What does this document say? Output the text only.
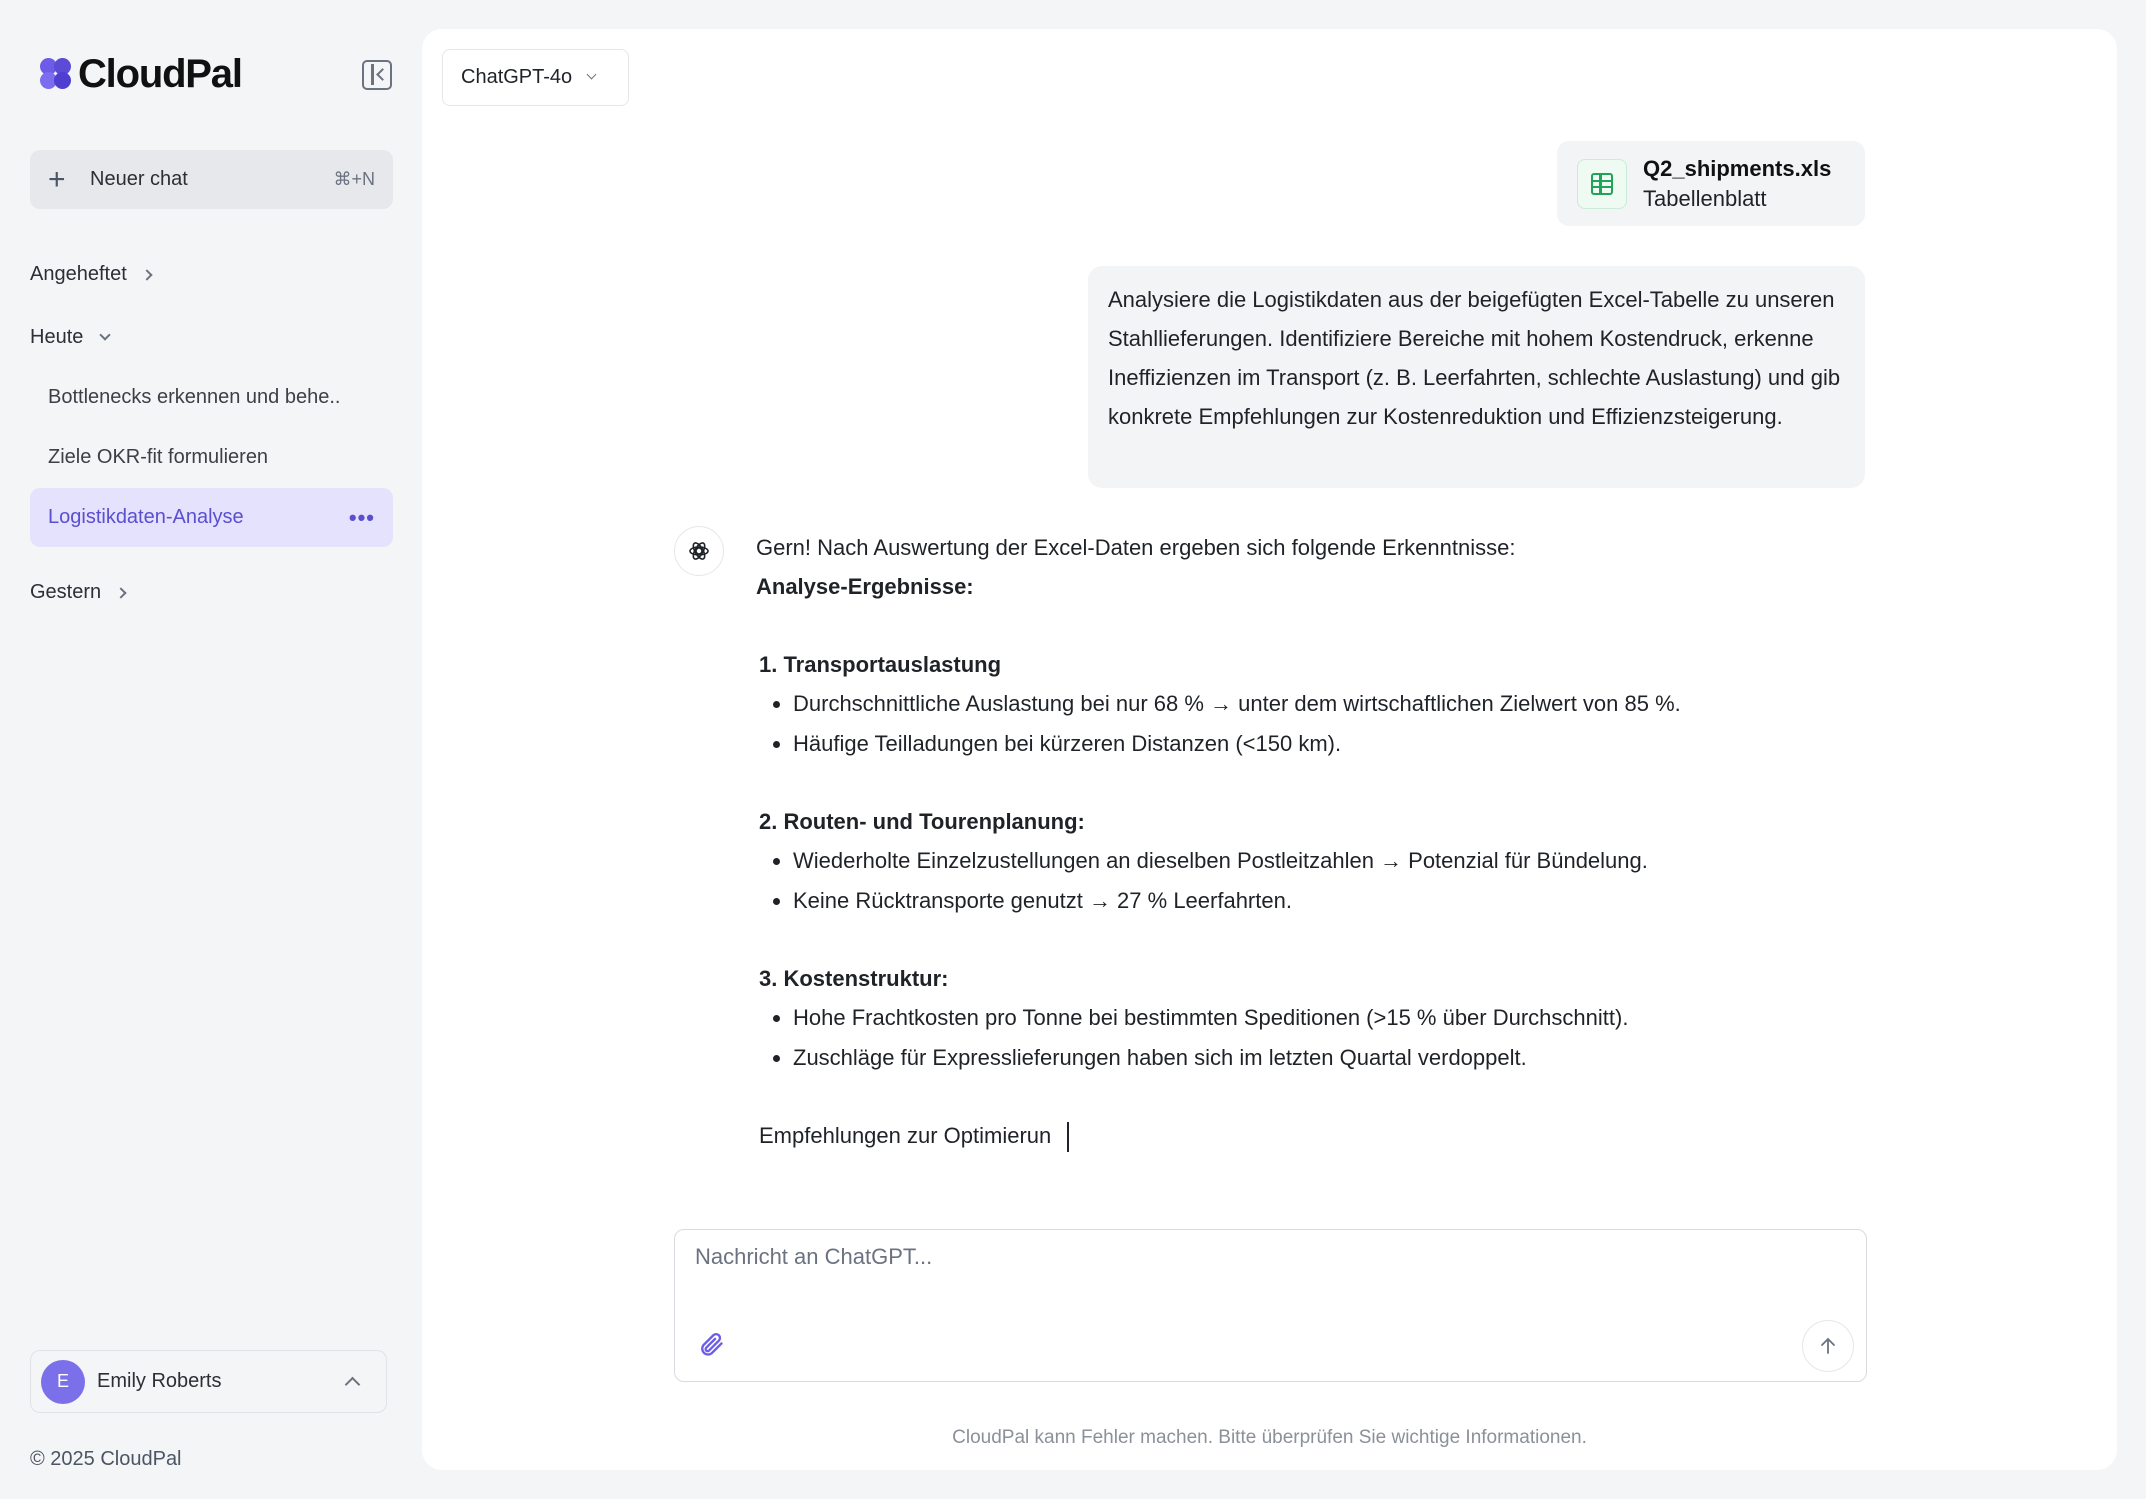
CloudPal
+	Neuer chat	⌘+N
Angeheftet
Heute
Bottlenecks erkennen und behe..
Ziele OKR-fit formulieren
Logistikdaten-Analyse	•••
Gestern
E	Emily Roberts
© 2025 CloudPal
ChatGPT-4o
Q2_shipments.xls
Tabellenblatt
Analysiere die Logistikdaten aus der beigefügten Excel-Tabelle zu unseren Stahllieferungen. Identifiziere Bereiche mit hohem Kostendruck, erkenne Ineffizienzen im Transport (z. B. Leerfahrten, schlechte Auslastung) und gib konkrete Empfehlungen zur Kostenreduktion und Effizienzsteigerung.
Gern! Nach Auswertung der Excel-Daten ergeben sich folgende Erkenntnisse:
Analyse-Ergebnisse:
1. Transportauslastung
Durchschnittliche Auslastung bei nur 68 % → unter dem wirtschaftlichen Zielwert von 85 %.
Häufige Teilladungen bei kürzeren Distanzen (<150 km).
2. Routen- und Tourenplanung:
Wiederholte Einzelzustellungen an dieselben Postleitzahlen → Potenzial für Bündelung.
Keine Rücktransporte genutzt → 27 % Leerfahrten.
3. Kostenstruktur:
Hohe Frachtkosten pro Tonne bei bestimmten Speditionen (>15 % über Durchschnitt).
Zuschläge für Expresslieferungen haben sich im letzten Quartal verdoppelt.
Empfehlungen zur Optimierun
Nachricht an ChatGPT...
CloudPal kann Fehler machen. Bitte überprüfen Sie wichtige Informationen.
